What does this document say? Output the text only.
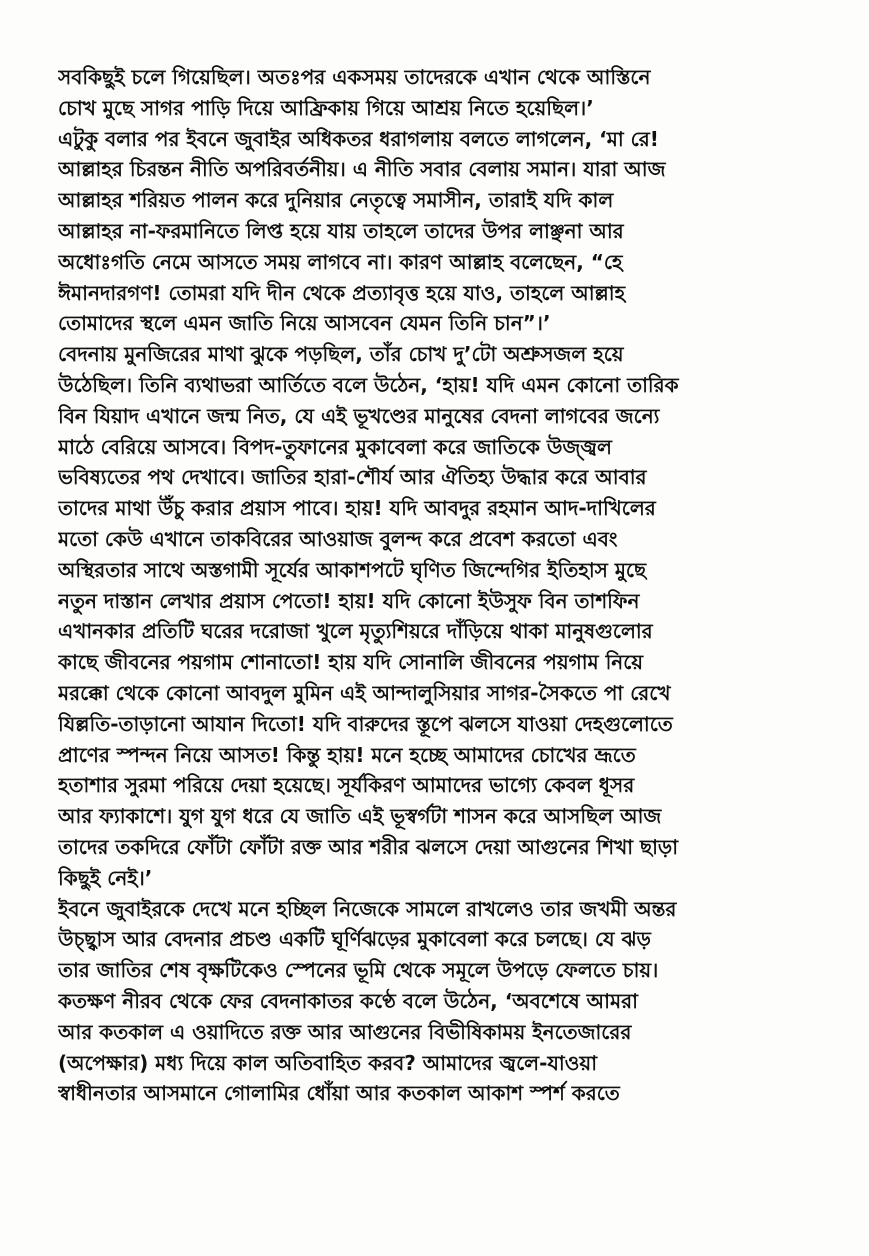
সবকিছুই চলে গিয়েছিল। অতঃপর একসময় তাদেরকে এখান থেকে আস্তিনে
চোখ মুছে সাগর পাড়ি দিয়ে আফ্রিকায় গিয়ে আশ্রয় নিতে হয়েছিল।’
এটুকু বলার পর ইবনে জুবাইর অধিকতর ধরাগলায় বলতে লাগলেন, ‘মা রে!
আল্লাহর চিরন্তন নীতি অপরিবর্তনীয়। এ নীতি সবার বেলায় সমান। যারা আজ
আল্লাহর শরিয়ত পালন করে দুনিয়ার নেতৃত্বে সমাসীন, তারাই যদি কাল
আল্লাহর না-ফরমানিতে লিপ্ত হয়ে যায় তাহলে তাদের উপর লাঞ্ছনা আর
অধোঃগতি নেমে আসতে সময় লাগবে না। কারণ আল্লাহ বলেছেন, “হে
ঈমানদারগণ! তোমরা যদি দীন থেকে প্রত্যাবৃত্ত হয়ে যাও, তাহলে আল্লাহ
তোমাদের স্থলে এমন জাতি নিয়ে আসবেন যেমন তিনি চান”।’
বেদনায় মুনজিরের মাথা ঝুকে পড়ছিল, তাঁর চোখ দু’টো অশ্রুসজল হয়ে
উঠেছিল। তিনি ব্যথাভরা আর্তিতে বলে উঠেন, ‘হায়! যদি এমন কোনো তারিক
বিন যিয়াদ এখানে জন্ম নিত, যে এই ভূখণ্ডের মানুষের বেদনা লাগবের জন্যে
মাঠে বেরিয়ে আসবে। বিপদ-তুফানের মুকাবেলা করে জাতিকে উজ্জ্বল
ভবিষ্যতের পথ দেখাবে। জাতির হারা-শৌর্য আর ঐতিহ্য উদ্ধার করে আবার
তাদের মাথা উঁচু করার প্রয়াস পাবে। হায়! যদি আবদুর রহমান আদ-দাখিলের
মতো কেউ এখানে তাকবিরের আওয়াজ বুলন্দ করে প্রবেশ করতো এবং
অস্থিরতার সাথে অস্তগামী সূর্যের আকাশপটে ঘৃণিত জিন্দেগির ইতিহাস মুছে
নতুন দাস্তান লেখার প্রয়াস পেতো! হায়! যদি কোনো ইউসুফ বিন তাশফিন
এখানকার প্রতিটি ঘরের দরোজা খুলে মৃত্যুশিয়রে দাঁড়িয়ে থাকা মানুষগুলোর
কাছে জীবনের পয়গাম শোনাতো! হায় যদি সোনালি জীবনের পয়গাম নিয়ে
মরক্কো থেকে কোনো আবদুল মুমিন এই আন্দালুসিয়ার সাগর-সৈকতে পা রেখে
যিল্লতি-তাড়ানো আযান দিতো! যদি বারুদের স্তূপে ঝলসে যাওয়া দেহগুলোতে
প্রাণের স্পন্দন নিয়ে আসত! কিন্তু হায়! মনে হচ্ছে আমাদের চোখের ভ্রূতে
হতাশার সুরমা পরিয়ে দেয়া হয়েছে। সূর্যকিরণ আমাদের ভাগ্যে কেবল ধূসর
আর ফ্যাকাশে। যুগ যুগ ধরে যে জাতি এই ভূস্বর্গটা শাসন করে আসছিল আজ
তাদের তকদিরে ফোঁটা ফোঁটা রক্ত আর শরীর ঝলসে দেয়া আগুনের শিখা ছাড়া
কিছুই নেই।’
ইবনে জুবাইরকে দেখে মনে হচ্ছিল নিজেকে সামলে রাখলেও তার জখমী অন্তর
উচ্ছ্বাস আর বেদনার প্রচণ্ড একটি ঘূর্ণিঝড়ের মুকাবেলা করে চলছে। যে ঝড়
তার জাতির শেষ বৃক্ষটিকেও স্পেনের ভূমি থেকে সমূলে উপড়ে ফেলতে চায়।
কতক্ষণ নীরব থেকে ফের বেদনাকাতর কণ্ঠে বলে উঠেন, ‘অবশেষে আমরা
আর কতকাল এ ওয়াদিতে রক্ত আর আগুনের বিভীষিকাময় ইনতেজারের
(অপেক্ষার) মধ্য দিয়ে কাল অতিবাহিত করব? আমাদের জ্বলে-যাওয়া
স্বাধীনতার আসমানে গোলামির ধোঁয়া আর কতকাল আকাশ স্পর্শ করতে
